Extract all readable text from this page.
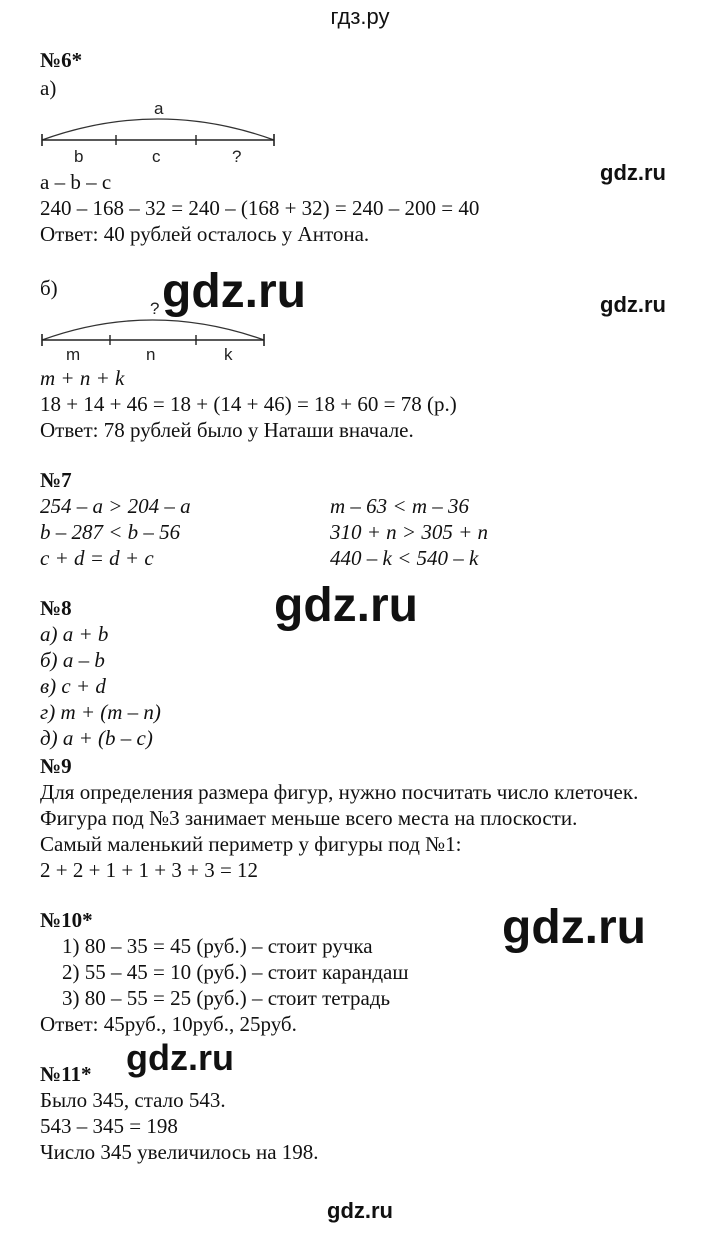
гдз.ру
№6*
а)
a
b	c	?
a – b – c
240 – 168 – 32 = 240 – (168 + 32) = 240 – 200 = 40
Ответ: 40 рублей осталось у Антона.
б)
?
m	n	k
m + n + k
18 + 14 + 46 = 18 + (14 + 46) = 18 + 60 = 78 (р.)
Ответ: 78 рублей было у Наташи вначале.
№7
254 – a > 204 – a	m – 63 < m – 36
b – 287 < b – 56	310 + n > 305 + n
c + d = d + c	440 – k < 540 – k
№8
а) a + b
б) a – b
в) c + d
г) m + (m – n)
д) a + (b – c)
№9
Для определения размера фигур, нужно посчитать число клеточек.
Фигура под №3 занимает меньше всего места на плоскости.
Самый маленький периметр у фигуры под №1:
2 + 2 + 1 + 1 + 3 + 3 = 12
№10*
1) 80 – 35 = 45 (руб.) – стоит ручка
2) 55 – 45 = 10 (руб.) – стоит карандаш
3) 80 – 55 = 25 (руб.) – стоит тетрадь
Ответ: 45руб., 10руб., 25руб.
№11*
Было 345, стало 543.
543 – 345 = 198
Число 345 увеличилось на 198.
gdz.ru
gdz.ru	gdz.ru
gdz.ru
gdz.ru
gdz.ru
gdz.ru
